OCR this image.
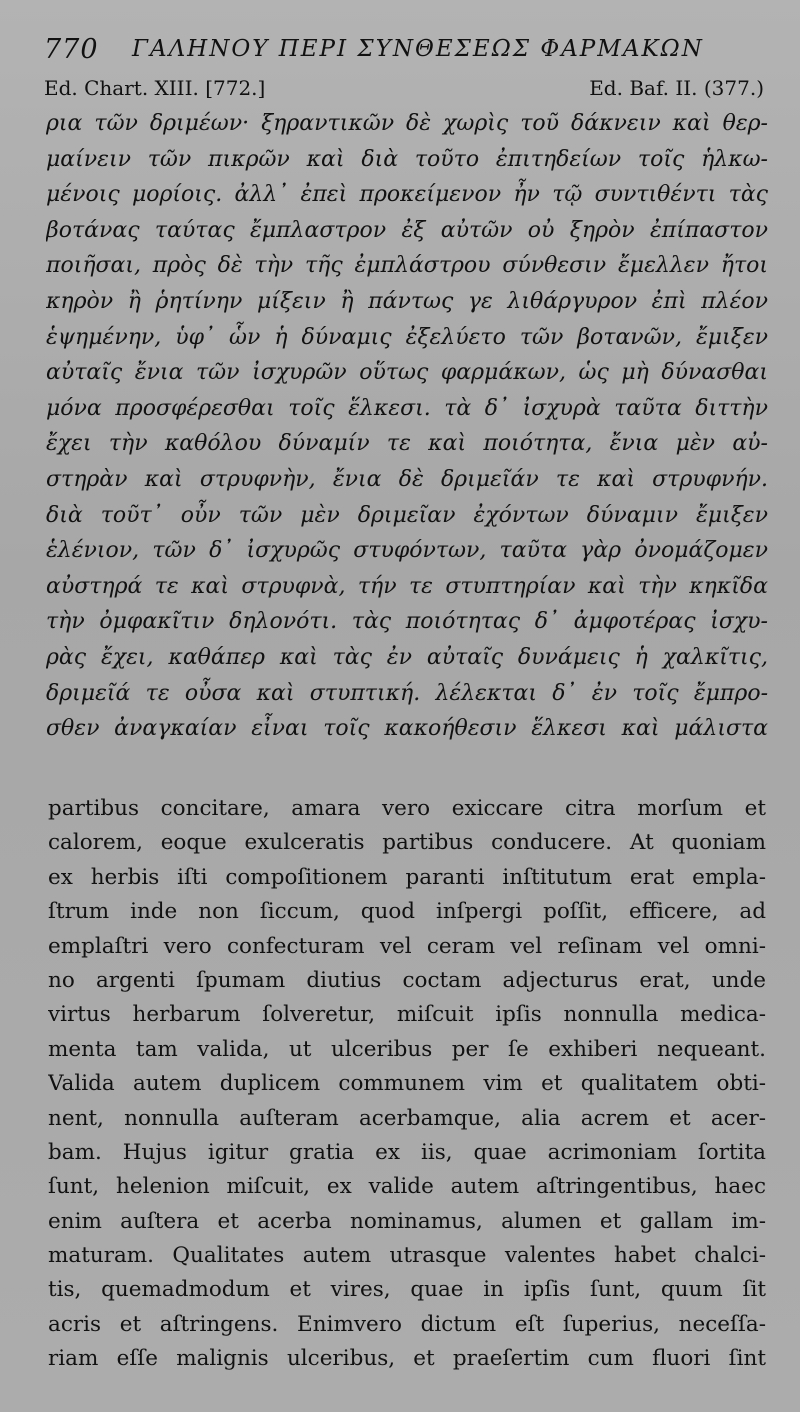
770 ΓΑΛΗΝΟΥ ΠΕΡΙ ΣΥΝΘΕΣΕΩΣ ΦΑΡΜΑΚΩΝ
Ed. Chart. XIII. [772.]	Ed. Baf. II. (377.)
ρια τῶν δριμέων· ξηραντικῶν δὲ χωρὶς τοῦ δάκνειν καὶ θερ-
μαίνειν τῶν πικρῶν καὶ διὰ τοῦτο ἐπιτηδείων τοῖς ἡλκω-
μένοις μορίοις. ἀλλ᾽ ἐπεὶ προκείμενον ἦν τῷ συντιθέντι τὰς
βοτάνας ταύτας ἔμπλαστρον ἐξ αὐτῶν οὐ ξηρὸν ἐπίπαστον
ποιῆσαι, πρὸς δὲ τὴν τῆς ἐμπλάστρου σύνθεσιν ἔμελλεν ἤτοι
κηρὸν ἢ ῥητίνην μίξειν ἢ πάντως γε λιθάργυρον ἐπὶ πλέον
ἑψημένην, ὑφ᾽ ὧν ἡ δύναμις ἐξελύετο τῶν βοτανῶν, ἔμιξεν
αὐταῖς ἔνια τῶν ἰσχυρῶν οὕτως φαρμάκων, ὡς μὴ δύνασθαι
μόνα προσφέρεσθαι τοῖς ἕλκεσι. τὰ δ᾽ ἰσχυρὰ ταῦτα διττὴν
ἔχει τὴν καθόλου δύναμίν τε καὶ ποιότητα, ἔνια μὲν αὐ-
στηρὰν καὶ στρυφνὴν, ἔνια δὲ δριμεῖάν τε καὶ στρυφνήν.
διὰ τοῦτ᾽ οὖν τῶν μὲν δριμεῖαν ἐχόντων δύναμιν ἔμιξεν
ἑλένιον, τῶν δ᾽ ἰσχυρῶς στυφόντων, ταῦτα γὰρ ὀνομάζομεν
αὐστηρά τε καὶ στρυφνὰ, τήν τε στυπτηρίαν καὶ τὴν κηκῖδα
τὴν ὀμφακῖτιν δηλονότι. τὰς ποιότητας δ᾽ ἀμφοτέρας ἰσχυ-
ρὰς ἔχει, καθάπερ καὶ τὰς ἐν αὐταῖς δυνάμεις ἡ χαλκῖτις,
δριμεῖά τε οὖσα καὶ στυπτική. λέλεκται δ᾽ ἐν τοῖς ἔμπρο-
σθεν ἀναγκαίαν εἶναι τοῖς κακοήθεσιν ἕλκεσι καὶ μάλιστα
partibus concitare, amara vero exiccare citra morſum et
calorem, eoque exulceratis partibus conducere. At quoniam
ex herbis iſti compoſitionem paranti inſtitutum erat empla-
ſtrum inde non ſiccum, quod inſpergi poſſit, efficere, ad
emplaſtri vero confecturam vel ceram vel reſinam vel omni-
no argenti ſpumam diutius coctam adjecturus erat, unde
virtus herbarum ſolveretur, miſcuit ipſis nonnulla medica-
menta tam valida, ut ulceribus per ſe exhiberi nequeant.
Valida autem duplicem communem vim et qualitatem obti-
nent, nonnulla auſteram acerbamque, alia acrem et acer-
bam. Hujus igitur gratia ex iis, quae acrimoniam ſortita
ſunt, helenion miſcuit, ex valide autem aſtringentibus, haec
enim auſtera et acerba nominamus, alumen et gallam im-
maturam. Qualitates autem utrasque valentes habet chalci-
tis, quemadmodum et vires, quae in ipſis ſunt, quum ſit
acris et aſtringens. Enimvero dictum eſt ſuperius, neceſſa-
riam eſſe malignis ulceribus, et praeſertim cum fluori ſint
